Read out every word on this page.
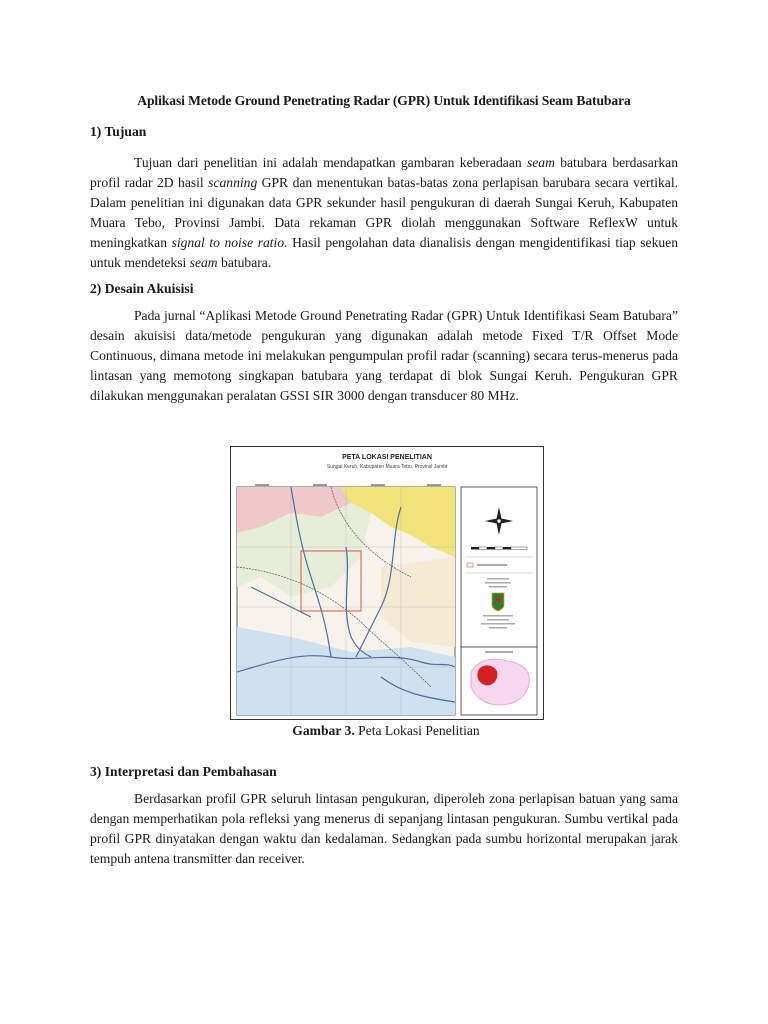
Aplikasi Metode Ground Penetrating Radar (GPR) Untuk Identifikasi Seam Batubara
1) Tujuan

Tujuan dari penelitian ini adalah mendapatkan gambaran keberadaan seam batubara berdasarkan profil radar 2D hasil scanning GPR dan menentukan batas-batas zona perlapisan barubara secara vertikal. Dalam penelitian ini digunakan data GPR sekunder hasil pengukuran di daerah Sungai Keruh, Kabupaten Muara Tebo, Provinsi Jambi. Data rekaman GPR diolah menggunakan Software ReflexW untuk meningkatkan signal to noise ratio. Hasil pengolahan data dianalisis dengan mengidentifikasi tiap sekuen untuk mendeteksi seam batubara.

2) Desain Akuisisi

Pada jurnal “Aplikasi Metode Ground Penetrating Radar (GPR) Untuk Identifikasi Seam Batubara” desain akuisisi data/metode pengukuran yang digunakan adalah metode Fixed T/R Offset Mode Continuous, dimana metode ini melakukan pengumpulan profil radar (scanning) secara terus-menerus pada lintasan yang memotong singkapan batubara yang terdapat di blok Sungai Keruh. Pengukuran GPR dilakukan menggunakan peralatan GSSI SIR 3000 dengan transducer 80 MHz.

PETA LOKASI PENELITIAN
Sungai Keruh, Kabupaten Muara Tebo, Provinsi Jambi
Gambar 3. Peta Lokasi Penelitian
3) Interpretasi dan Pembahasan

Berdasarkan profil GPR seluruh lintasan pengukuran, diperoleh zona perlapisan batuan yang sama dengan memperhatikan pola refleksi yang menerus di sepanjang lintasan pengukuran. Sumbu vertikal pada profil GPR dinyatakan dengan waktu dan kedalaman. Sedangkan pada sumbu horizontal merupakan jarak tempuh antena transmitter dan receiver.
